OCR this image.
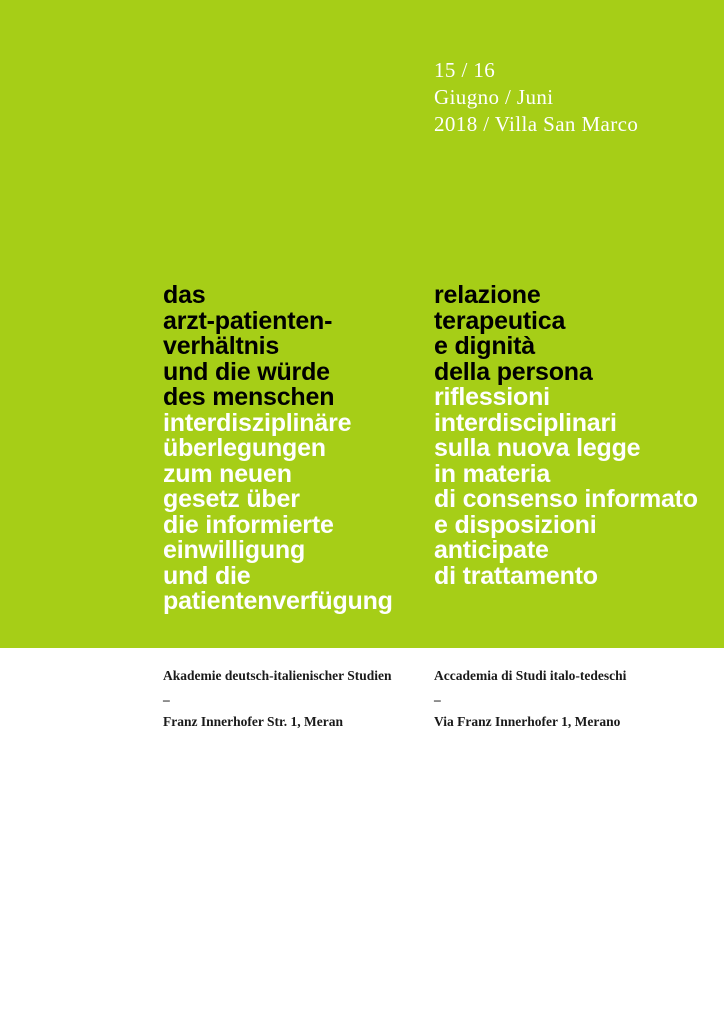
15 / 16
Giugno / Juni
2018 / Villa San Marco
das
arzt-patienten-
verhältnis
und die würde
des menschen
interdisziplinäre
überlegungen
zum neuen
gesetz über
die informierte
einwilligung
und die
patientenverfügung
relazione
terapeutica
e dignità
della persona
riflessioni
interdisciplinari
sulla nuova legge
in materia
di consenso informato
e disposizioni
anticipate
di trattamento
Akademie deutsch-italienischer Studien
–
Franz Innerhofer Str. 1, Meran
Accademia di Studi italo-tedeschi
–
Via Franz Innerhofer 1, Merano
